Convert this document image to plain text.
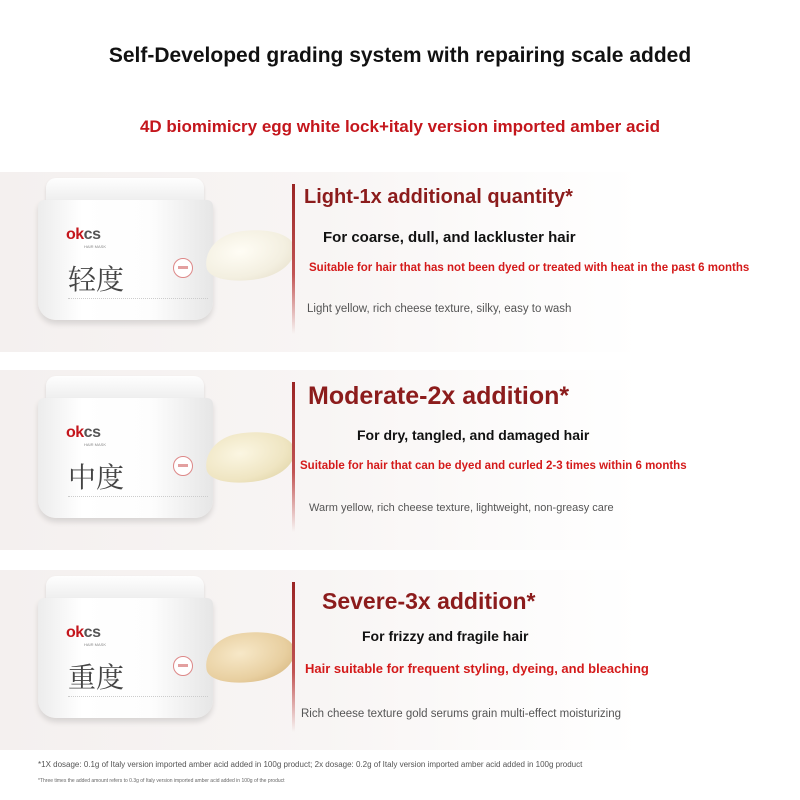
Self-Developed grading system with repairing scale added
4D biomimicry egg white lock+italy version imported amber acid
okcs
HAIR MASK
轻度
Light-1x additional quantity*
For coarse, dull, and lackluster hair
Suitable for hair that has not been dyed or treated with heat in the past 6 months
Light yellow, rich cheese texture, silky, easy to wash
okcs
HAIR MASK
中度
Moderate-2x addition*
For dry, tangled, and damaged hair
Suitable for hair that can be dyed and curled 2-3 times within 6 months
Warm yellow, rich cheese texture, lightweight, non-greasy care
okcs
HAIR MASK
重度
Severe-3x addition*
For frizzy and fragile hair
Hair suitable for frequent styling, dyeing, and bleaching
Rich cheese texture gold serums grain multi-effect moisturizing
*1X dosage: 0.1g of Italy version imported amber acid added in 100g product; 2x dosage: 0.2g of Italy version imported amber acid added in 100g product
*Three times the added amount refers to 0.3g of Italy version imported amber acid added in 100g of the product
